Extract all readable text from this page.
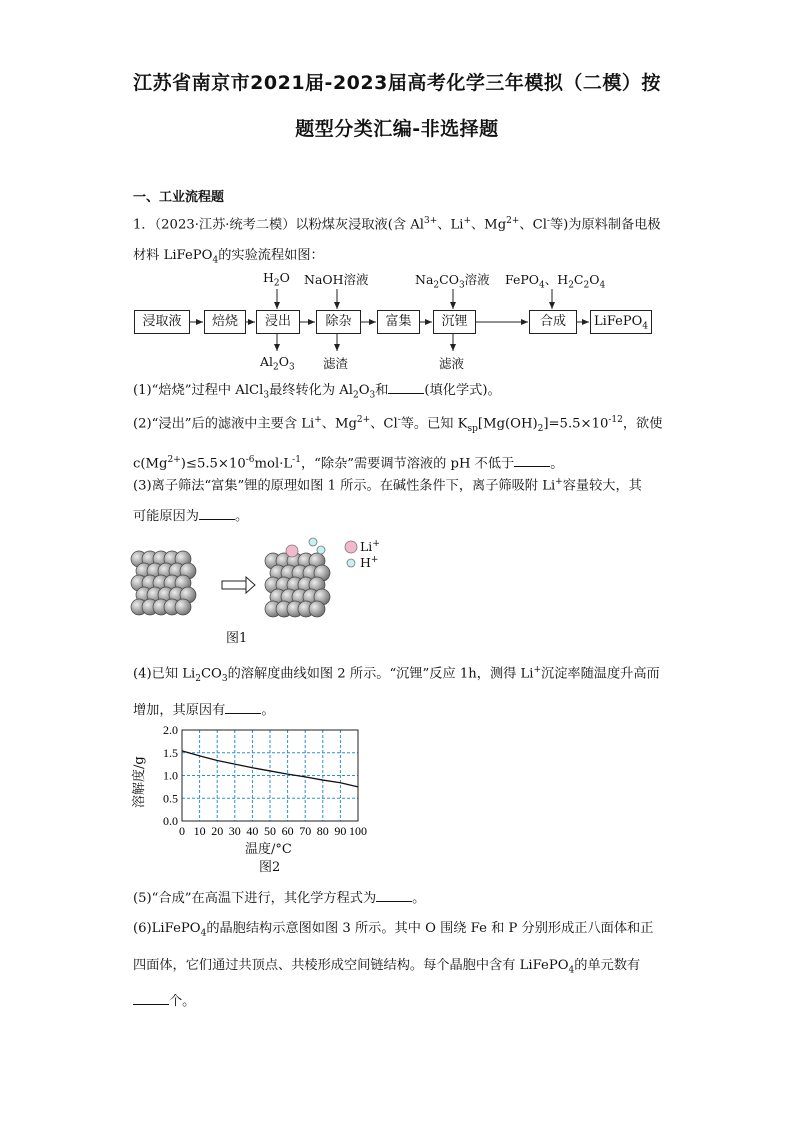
江苏省南京市2021届-2023届高考化学三年模拟（二模）按
题型分类汇编-非选择题
一、工业流程题
1．（2023·江苏·统考二模）以粉煤灰浸取液(含 $Al^{3+}$、Li+、$Mg^{2+}$、Cl-等)为原料制备电极
材料 LiFePO$_4$的实验流程如图：
浸取液	焙烧	浸出	除杂	富集	沉锂	合成	LiFePO$_4$
$H_2O$ NaOH溶液	$Na_2CO_3$溶液 FePO$_4$、$H_2C_2O_4$
$Al_2O_3$ 滤渣	滤液
(1)“焙烧”过程中 AlCl$_3$最终转化为 $Al_2O_3$和	(填化学式)。
(2)“浸出”后的滤液中主要含 Li+、$Mg^{2+}$、Cl-等。已知 $K_{sp}[Mg(OH)_2]=5.5\times 10^{-12}$，欲使
$c(Mg^{2+})\le 5.5\times 10^{-6}mol\cdot L^{-1}$，“除杂”需要调节溶液的 pH 不低于	。
(3)离子筛法“富集”锂的原理如图 1 所示。在碱性条件下，离子筛吸附 Li+容量较大，其
可能原因为	。
Li+
H+
图1
(4)已知 $Li_2CO_3$的溶解度曲线如图 2 所示。“沉锂”反应 1h，测得 Li+沉淀率随温度升高而
增加，其原因有	。
0 10 20 30 40 50 60 70 80 90 100
0.0
0.5
1.0
1.5
2.0
温度/°C
溶解度/g
图2
(5)“合成”在高温下进行，其化学方程式为	。
(6)LiFePO$_4$的晶胞结构示意图如图 3 所示。其中 O 围绕 Fe 和 P 分别形成正八面体和正
四面体，它们通过共顶点、共棱形成空间链结构。每个晶胞中含有 LiFePO$_4$的单元数有
个。
